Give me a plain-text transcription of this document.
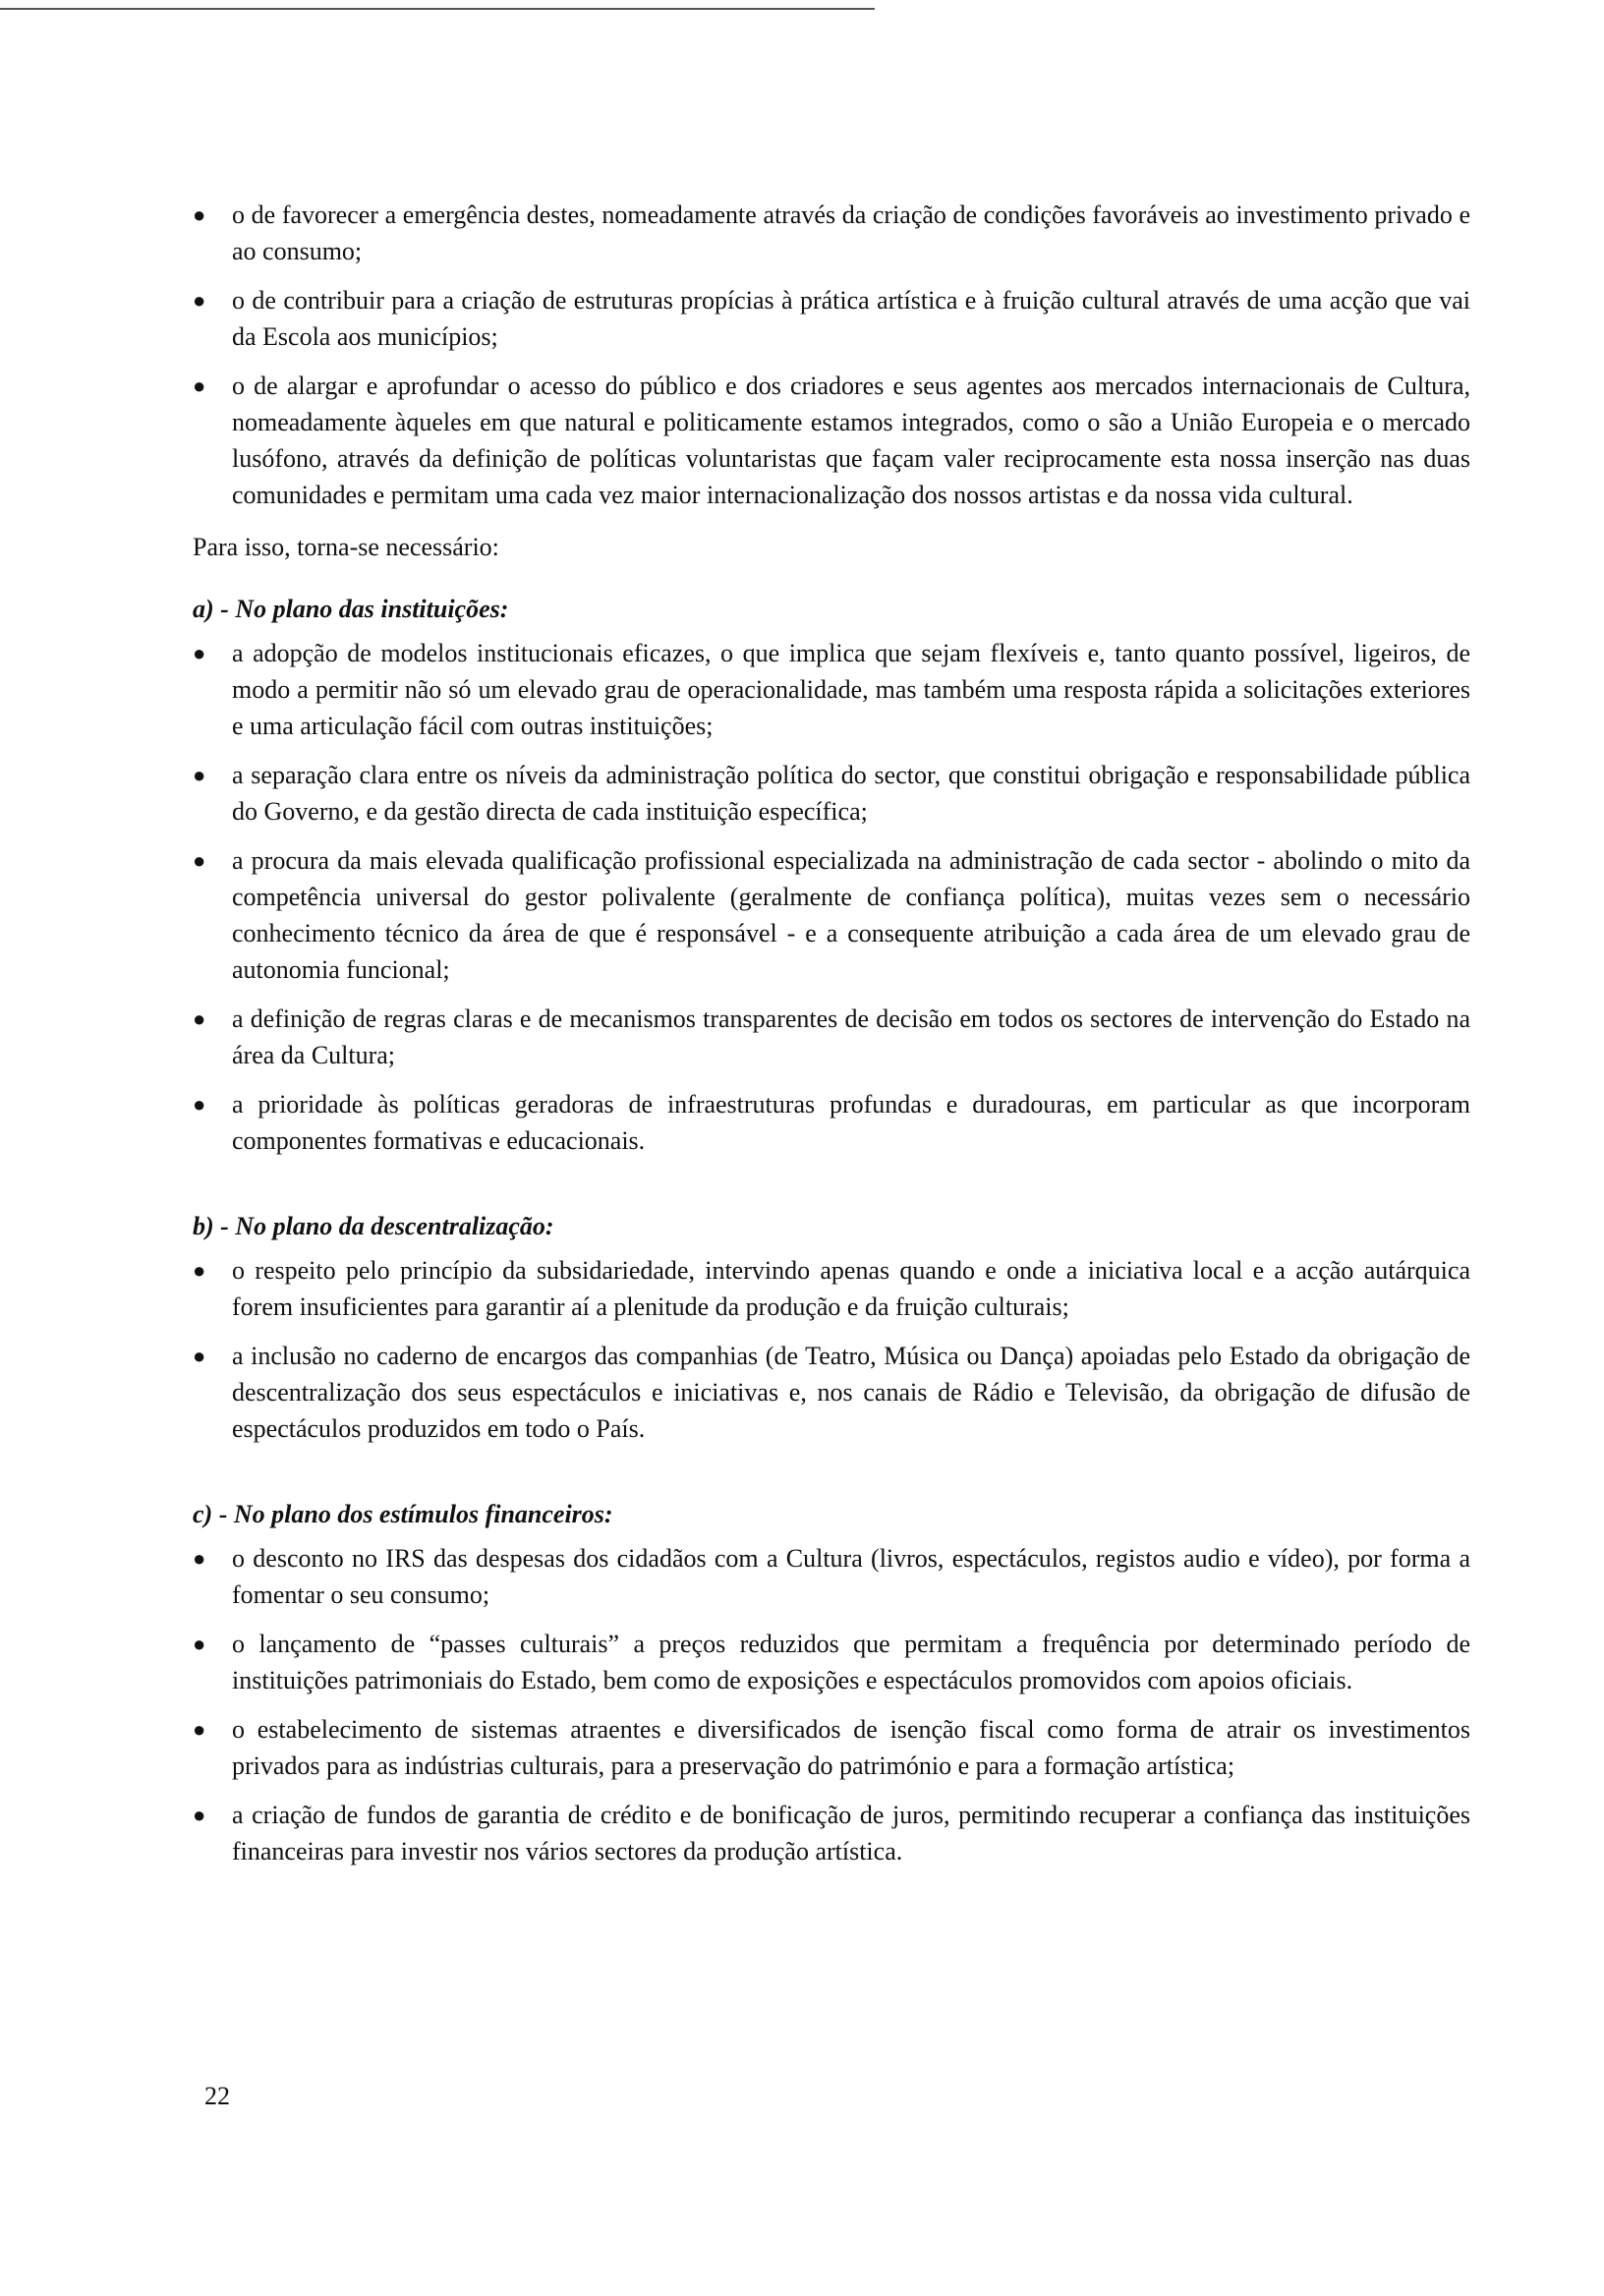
●	o de favorecer a emergência destes, nomeadamente através da criação de condições favoráveis ao investimento privado e ao consumo;
●	o de contribuir para a criação de estruturas propícias à prática artística e à fruição cultural através de uma acção que vai da Escola aos municípios;
●	o de alargar e aprofundar o acesso do público e dos criadores e seus agentes aos mercados internacionais de Cultura, nomeadamente àqueles em que natural e politicamente estamos integrados, como o são a União Europeia e o mercado lusófono, através da definição de políticas voluntaristas que façam valer reciprocamente esta nossa inserção nas duas comunidades e permitam uma cada vez maior internacionalização dos nossos artistas e da nossa vida cultural.

Para isso, torna-se necessário:

a) - No plano das instituições:
●	a adopção de modelos institucionais eficazes, o que implica que sejam flexíveis e, tanto quanto possível, ligeiros, de modo a permitir não só um elevado grau de operacionalidade, mas também uma resposta rápida a solicitações exteriores e uma articulação fácil com outras instituições;
●	a separação clara entre os níveis da administração política do sector, que constitui obrigação e responsabilidade pública do Governo, e da gestão directa de cada instituição específica;
●	a procura da mais elevada qualificação profissional especializada na administração de cada sector - abolindo o mito da competência universal do gestor polivalente (geralmente de confiança política), muitas vezes sem o necessário conhecimento técnico da área de que é responsável - e a consequente atribuição a cada área de um elevado grau de autonomia funcional;
●	a definição de regras claras e de mecanismos transparentes de decisão em todos os sectores de intervenção do Estado na área da Cultura;
●	a prioridade às políticas geradoras de infraestruturas profundas e duradouras, em particular as que incorporam componentes formativas e educacionais.
b) - No plano da descentralização:
●	o respeito pelo princípio da subsidariedade, intervindo apenas quando e onde a iniciativa local e a acção autárquica forem insuficientes para garantir aí a plenitude da produção e da fruição culturais;
●	a inclusão no caderno de encargos das companhias (de Teatro, Música ou Dança) apoiadas pelo Estado da obrigação de descentralização dos seus espectáculos e iniciativas e, nos canais de Rádio e Televisão, da obrigação de difusão de espectáculos produzidos em todo o País.
c) - No plano dos estímulos financeiros:
●	o desconto no IRS das despesas dos cidadãos com a Cultura (livros, espectáculos, registos audio e vídeo), por forma a fomentar o seu consumo;
●	o lançamento de “passes culturais” a preços reduzidos que permitam a frequência por determinado período de instituições patrimoniais do Estado, bem como de exposições e espectáculos promovidos com apoios oficiais.
●	o estabelecimento de sistemas atraentes e diversificados de isenção fiscal como forma de atrair os investimentos privados para as indústrias culturais, para a preservação do património e para a formação artística;
●	a criação de fundos de garantia de crédito e de bonificação de juros, permitindo recuperar a confiança das instituições financeiras para investir nos vários sectores da produção artística.
22
